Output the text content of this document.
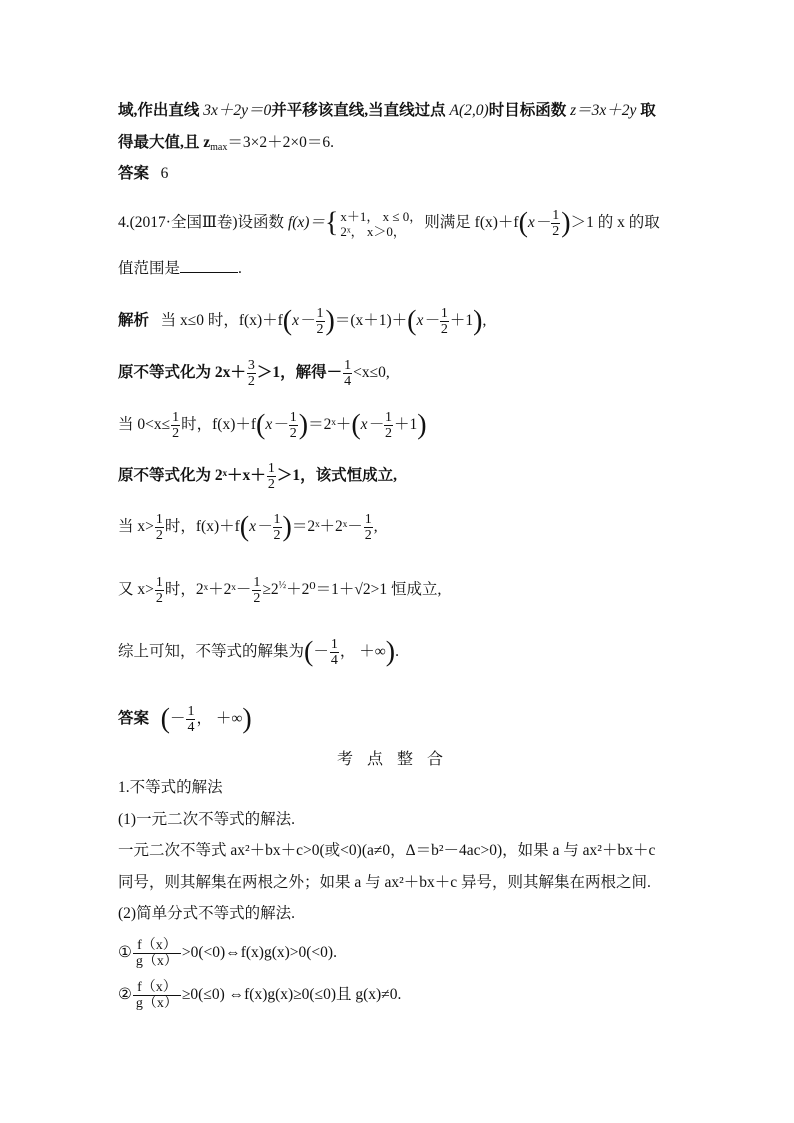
域,作出直线 3x＋2y＝0并平移该直线,当直线过点 A(2,0)时目标函数 z＝3x＋2y 取
得最大值,且 $z_{max}=3\times 2+2\times 0=6$.
答案 6
4.(2017·全国Ⅲ卷)设函数 f(x)＝{ x＋1， x ≤ 0，
2ˣ， x＞0，	则满足 $f(x)+f(x- \frac{1}{2} )>1$ 的 x 的取
值范围是	.
解析 当 x≤0 时，$f(x)+f(x- \frac{1}{2} )=(x+1)+(x- \frac{1}{2} +1)$,
原不等式化为 $2x+ \frac{3}{2} >1$，解得－ $\frac{1}{4} <x\le 0$,
当 $0<x\le \frac{1}{2}$ 时，$f(x)+f(x- \frac{1}{2}$ )＝2ˣ＋(x－ $\frac{1}{2} +1$)
原不等式化为 2ˣ＋x＋ $\frac{1}{2} >1$，该式恒成立,
当 $x> \frac{1}{2}$ 时，$f(x)+f(x- \frac{1}{2}$ )＝2ˣ＋2ˣ－ $\frac{1}{2}$ ,
又 $x> \frac{1}{2}$ 时，2ˣ＋2ˣ－ $\frac{1}{2} \ge 2^{\frac{1}{2}}+2^0=1+√2>1$ 恒成立,
综上可知，不等式的解集为(－ $\frac{1}{4}$ ， ＋∞).
答案 (－ $\frac{1}{4}$ ， ＋∞)
考点整合
1.不等式的解法
(1)一元二次不等式的解法.
一元二次不等式 ax²＋bx＋c>0(或<0)(a≠0，Δ＝b²－4ac>0)，如果 a 与 ax²＋bx＋c
同号，则其解集在两根之外；如果 a 与 ax²＋bx＋c 异号，则其解集在两根之间.
(2)简单分式不等式的解法.
① $\frac{f(x)}{g(x)}$ >0(<0)⇔f(x)g(x)>0(<0).
② $\frac{f(x)}{g(x)} \ge 0(\le 0)$ ⇔f(x)g(x)≥0(≤0)且 g(x)≠0.
